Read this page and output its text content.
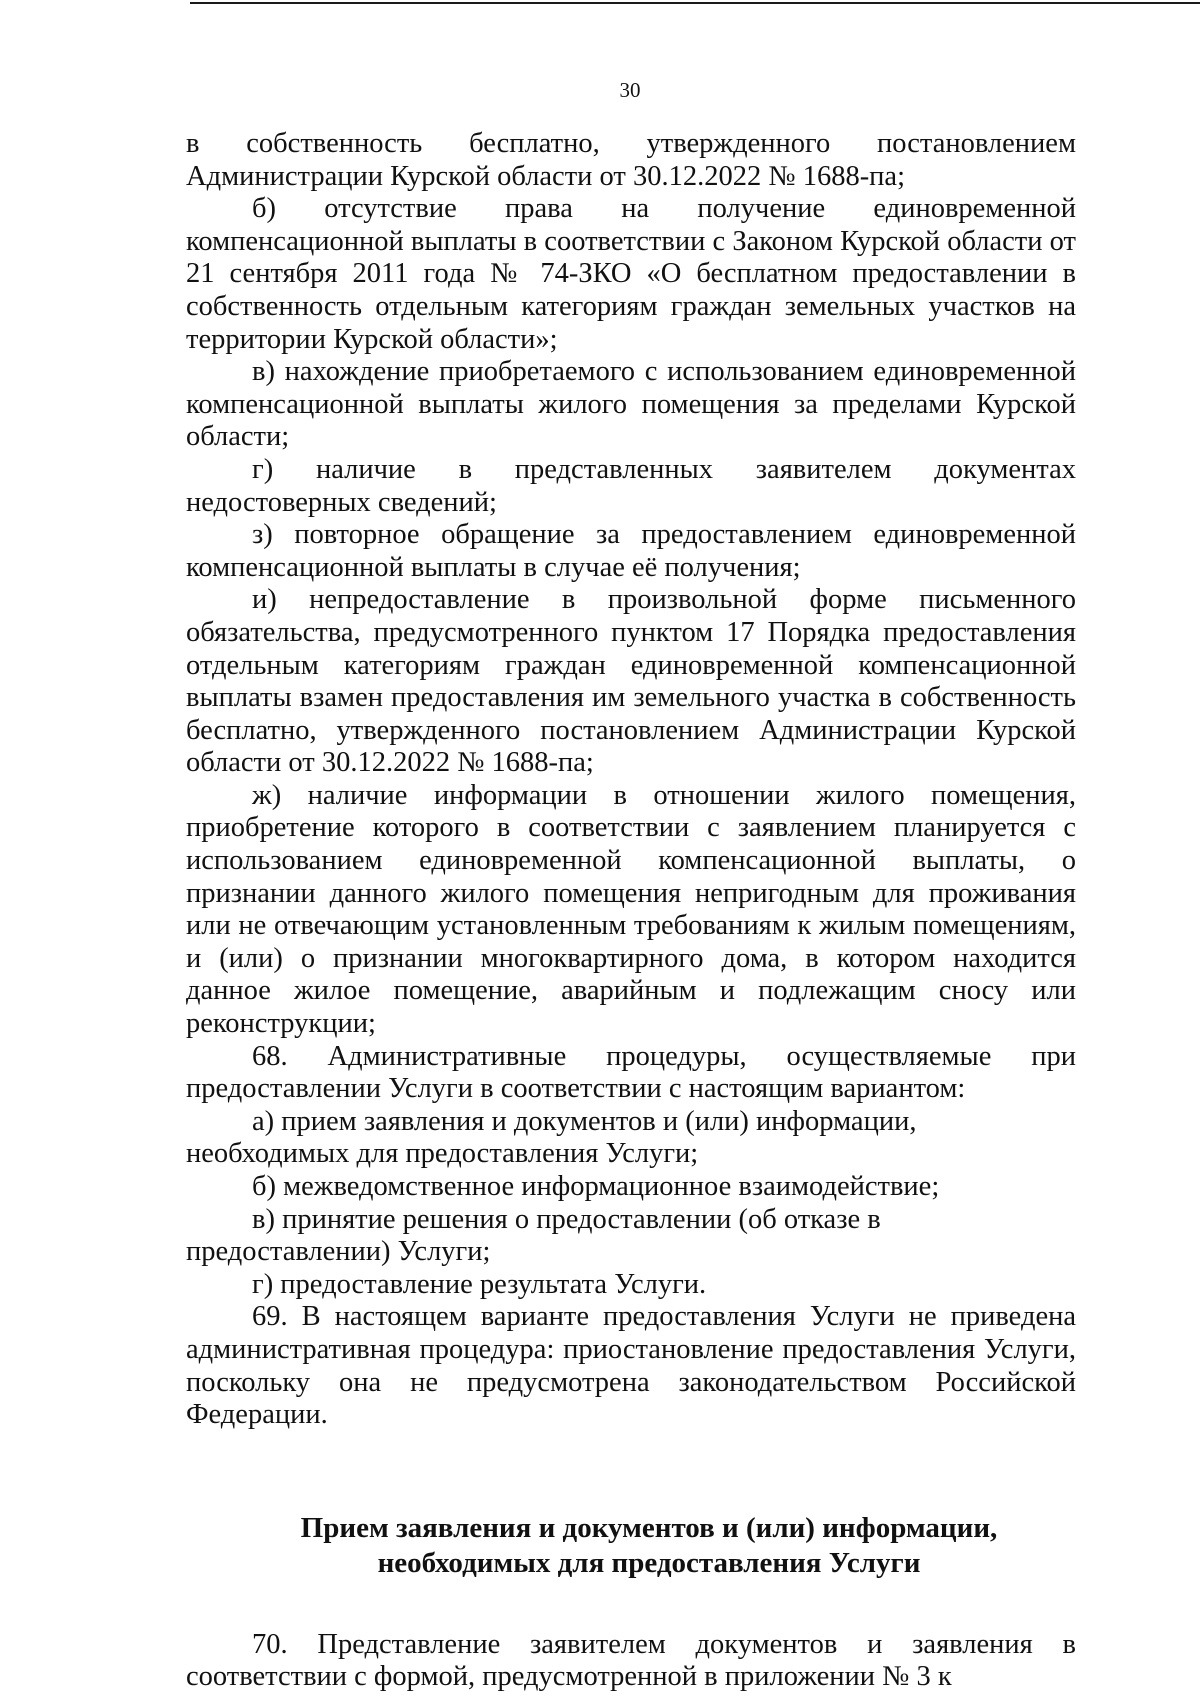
30

в собственность бесплатно, утвержденного постановлением Администрации Курской области от 30.12.2022 № 1688-па;

б) отсутствие права на получение единовременной компенсационной выплаты в соответствии с Законом Курской области от 21 сентября 2011 года № 74-ЗКО «О бесплатном предоставлении в собственность отдельным категориям граждан земельных участков на территории Курской области»;

в) нахождение приобретаемого с использованием единовременной компенсационной выплаты жилого помещения за пределами Курской области;

г) наличие в представленных заявителем документах недостоверных сведений;

з) повторное обращение за предоставлением единовременной компенсационной выплаты в случае её получения;

и) непредоставление в произвольной форме письменного обязательства, предусмотренного пунктом 17 Порядка предоставления отдельным категориям граждан единовременной компенсационной выплаты взамен предоставления им земельного участка в собственность бесплатно, утвержденного постановлением Администрации Курской области от 30.12.2022 № 1688-па;

ж) наличие информации в отношении жилого помещения, приобретение которого в соответствии с заявлением планируется с использованием единовременной компенсационной выплаты, о признании данного жилого помещения непригодным для проживания или не отвечающим установленным требованиям к жилым помещениям, и (или) о признании многоквартирного дома, в котором находится данное жилое помещение, аварийным и подлежащим сносу или реконструкции;

68. Административные процедуры, осуществляемые при предоставлении Услуги в соответствии с настоящим вариантом:

а) прием заявления и документов и (или) информации, необходимых для предоставления Услуги;

б) межведомственное информационное взаимодействие;

в) принятие решения о предоставлении (об отказе в предоставлении) Услуги;

г) предоставление результата Услуги.

69. В настоящем варианте предоставления Услуги не приведена административная процедура: приостановление предоставления Услуги, поскольку она не предусмотрена законодательством Российской Федерации.

Прием заявления и документов и (или) информации,
необходимых для предоставления Услуги

70. Представление заявителем документов и заявления в соответствии с формой, предусмотренной в приложении № 3 к
